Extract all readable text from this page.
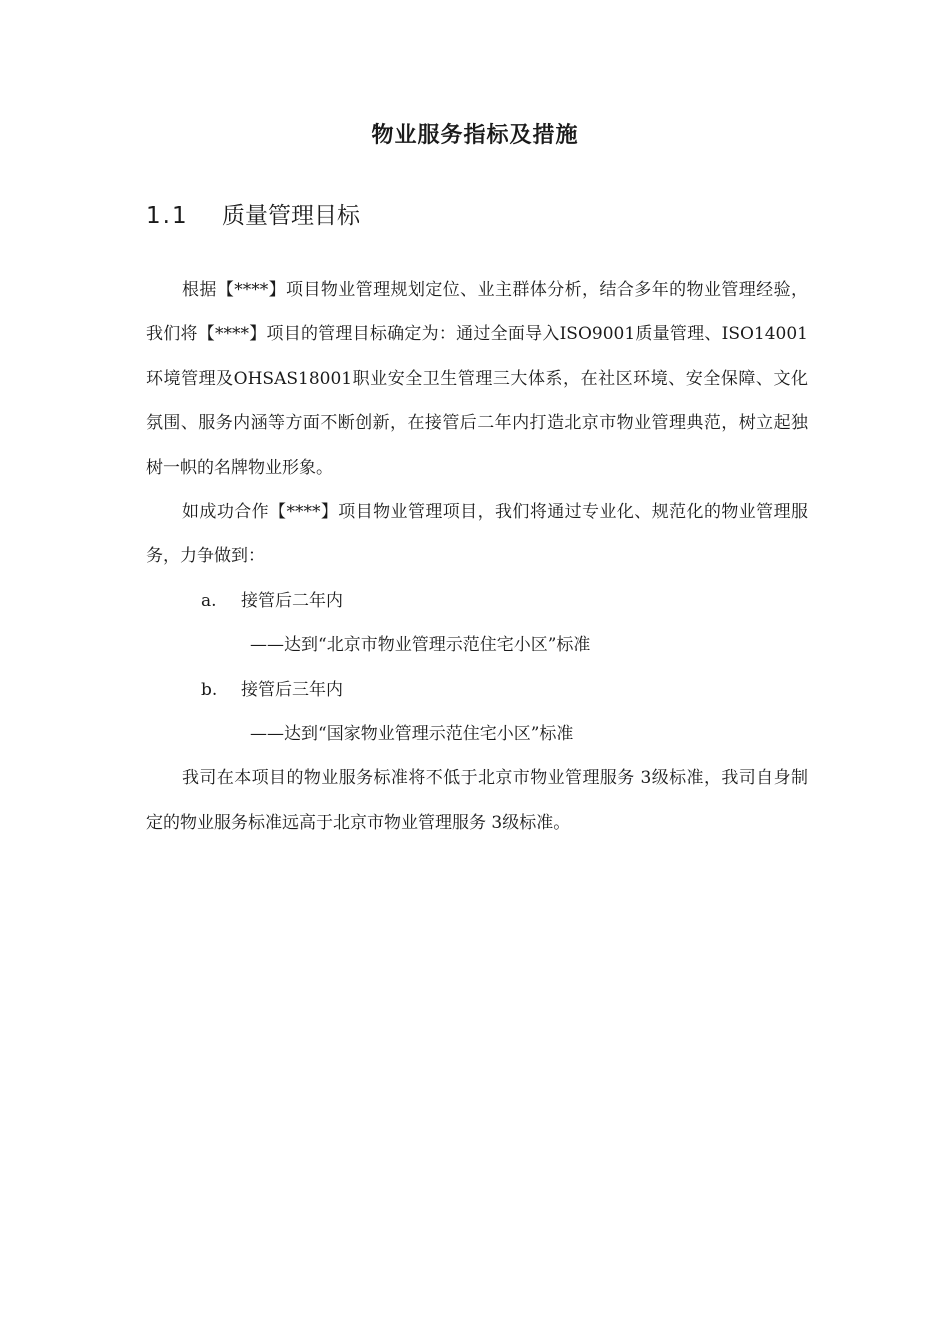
物业服务指标及措施
1.1	质量管理目标

根据【****】项目物业管理规划定位、业主群体分析，结合多年的物业管理经验，我们将【****】项目的管理目标确定为：通过全面导入ISO9001质量管理、ISO14001环境管理及OHSAS18001职业安全卫生管理三大体系，在社区环境、安全保障、文化氛围、服务内涵等方面不断创新，在接管后二年内打造北京市物业管理典范，树立起独树一帜的名牌物业形象。

如成功合作【****】项目物业管理项目，我们将通过专业化、规范化的物业管理服务，力争做到：

a.	接管后二年内

——达到“北京市物业管理示范住宅小区”标准

b.	接管后三年内

——达到“国家物业管理示范住宅小区”标准

我司在本项目的物业服务标准将不低于北京市物业管理服务 3级标准，我司自身制定的物业服务标准远高于北京市物业管理服务 3级标准。
